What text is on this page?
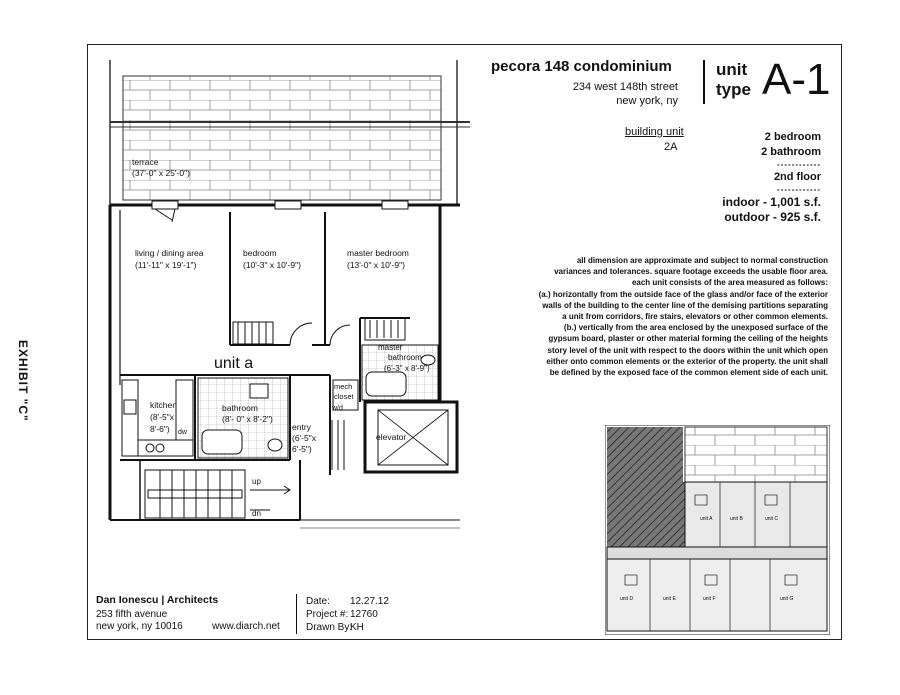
EXHIBIT "C"
terrace
(37'-0" x 25'-0")
living / dining area
(11'-11" x 19'-1")
bedroom
(10'-3" x 10'-9")
master bedroom
(13'-0" x 10'-9")
unit a
master
bathroom
(6'-3" x 8'-9")
mech
closet
w/d
kitchen
(8'-5"x
8'-6") dw
bathroom
(8'- 0" x 8'-2")
entry
(6'-5"x
6'-5")
elevator
up
dn
pecora 148 condominium
234 west 148th street
new york, ny
unit
type A-1
building unit
2A
2 bedroom
2 bathroom
------------
2nd floor
------------
indoor - 1,001 s.f.
outdoor - 925 s.f.
all dimension are approximate and subject to normal construction
variances and tolerances. square footage exceeds the usable floor area.
each unit consists of the area measured as follows:
(a.) horizontally from the outside face of the glass and/or face of the exterior
walls of the building to the center line of the demising partitions separating
a unit from corridors, fire stairs, elevators or other common elements.
(b.) vertically from the area enclosed by the unexposed surface of the
gypsum board, plaster or other material forming the ceiling of the heights
story level of the unit with respect to the doors within the unit which open
either onto common elements or the exterior of the property. the unit shall
be defined by the exposed face of the common element side of each unit.
unit A	unit B	unit C
unit D	unit E	unit F	unit G
Dan Ionescu | Architects
253 fifth avenue
new york, ny 10016	www.diarch.net
Date: 12.27.12
Project #: 12760
Drawn By:
KH
